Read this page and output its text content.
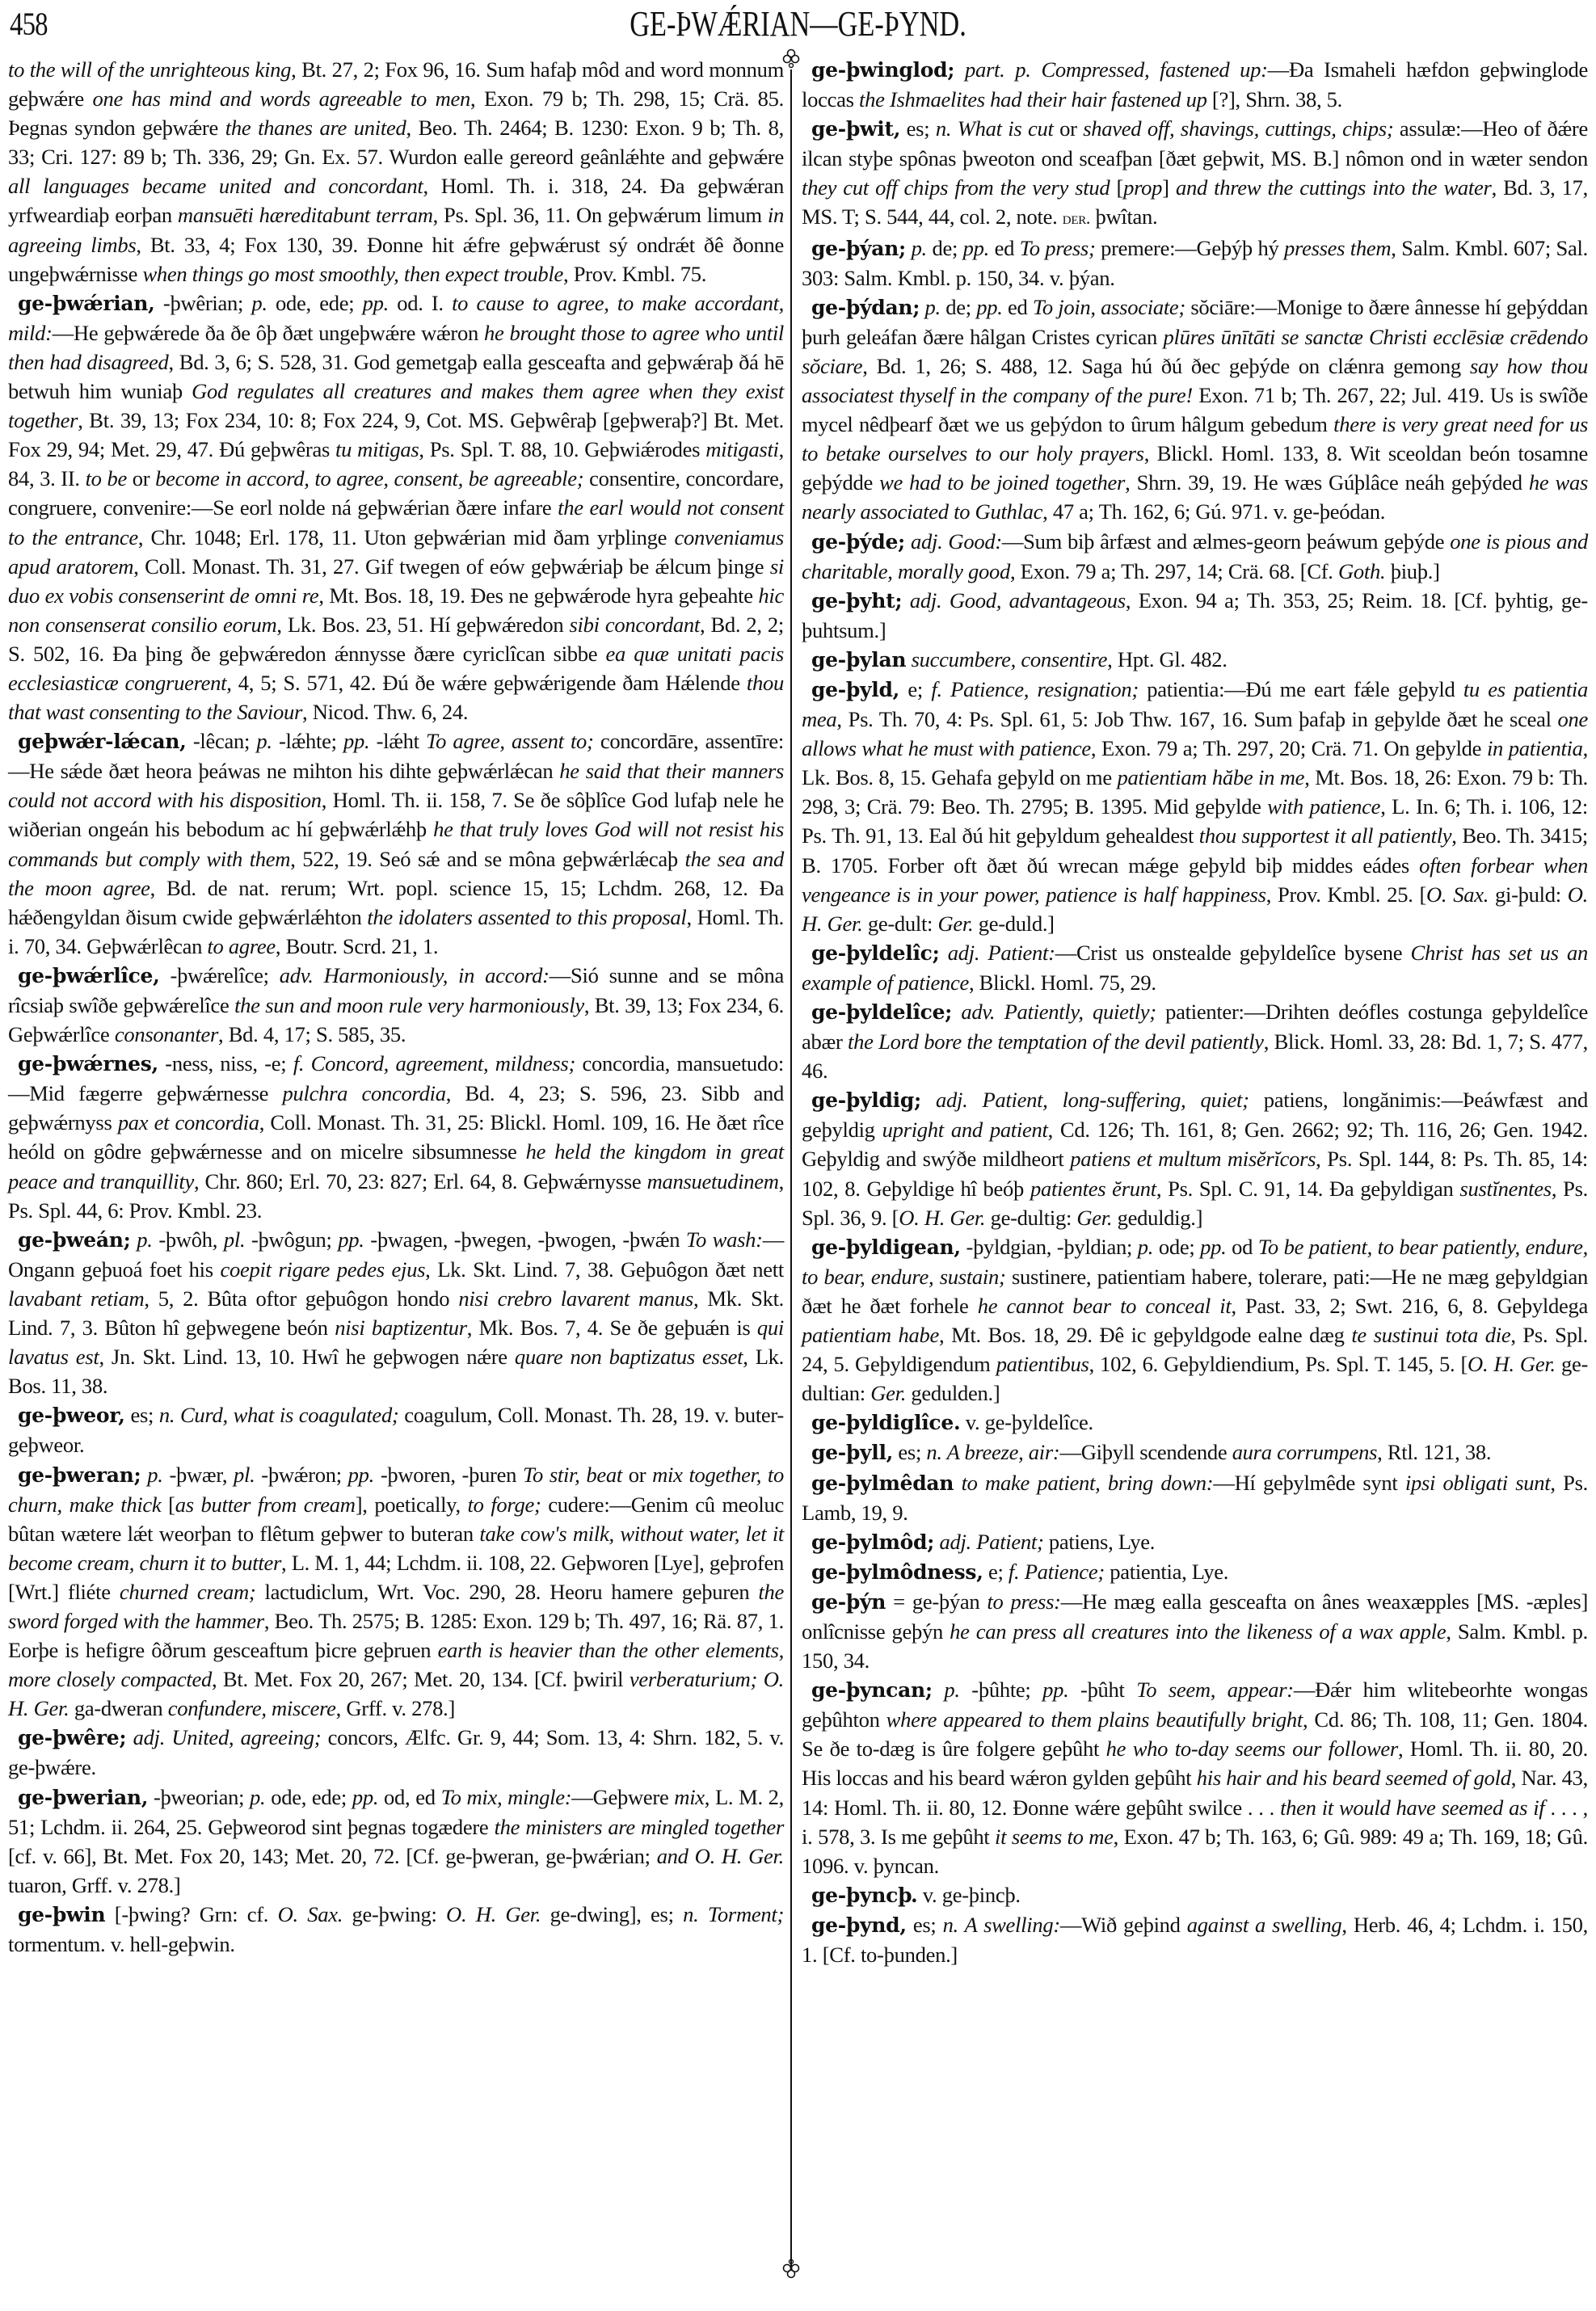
458	GE-ÞWǼRIAN—GE-ÞYND.

to the will of the unrighteous king, Bt. 27, 2; Fox 96, 16. Sum hafaþ môd and word monnum geþwǽre one has mind and words agreeable to men, Exon. 79 b; Th. 298, 15; Crä. 85. Þegnas syndon geþwǽre the thanes are united, Beo. Th. 2464; B. 1230: Exon. 9 b; Th. 8, 33; Cri. 127: 89 b; Th. 336, 29; Gn. Ex. 57. Wurdon ealle gereord geânlǽhte and geþwǽre all languages became united and concordant, Homl. Th. i. 318, 24. Ða geþwǽran yrfweardiaþ eorþan mansuēti hæreditabunt terram, Ps. Spl. 36, 11. On geþwǽrum limum in agreeing limbs, Bt. 33, 4; Fox 130, 39. Ðonne hit ǽfre geþwǽrust sý ondrǽt ðê ðonne ungeþwǽrnisse when things go most smoothly, then expect trouble, Prov. Kmbl. 75.

ge-þwǽrian, -þwêrian; p. ode, ede; pp. od. I. to cause to agree, to make accordant, mild:—He geþwǽrede ða ðe ôþ ðæt ungeþwǽre wǽron he brought those to agree who until then had disagreed, Bd. 3, 6; S. 528, 31. God gemetgaþ ealla gesceafta and geþwǽraþ ðá hē betwuh him wuniaþ God regulates all creatures and makes them agree when they exist together, Bt. 39, 13; Fox 234, 10: 8; Fox 224, 9, Cot. MS. Geþwêraþ [geþweraþ?] Bt. Met. Fox 29, 94; Met. 29, 47. Ðú geþwêras tu mitigas, Ps. Spl. T. 88, 10. Geþwiǽrodes mitigasti, 84, 3. II. to be or become in accord, to agree, consent, be agreeable; consentire, concordare, congruere, convenire:—Se eorl nolde ná geþwǽrian ðære infare the earl would not consent to the entrance, Chr. 1048; Erl. 178, 11. Uton geþwǽrian mid ðam yrþlinge conveniamus apud aratorem, Coll. Monast. Th. 31, 27. Gif twegen of eów geþwǽriaþ be ǽlcum þinge si duo ex vobis consenserint de omni re, Mt. Bos. 18, 19. Ðes ne geþwǽrode hyra geþeahte hic non consenserat consilio eorum, Lk. Bos. 23, 51. Hí geþwǽredon sibi concordant, Bd. 2, 2; S. 502, 16. Ða þing ðe geþwǽredon ǽnnysse ðære cyriclîcan sibbe ea quæ unitati pacis ecclesiasticæ congruerent, 4, 5; S. 571, 42. Ðú ðe wǽre geþwǽrigende ðam Hǽlende thou that wast consenting to the Saviour, Nicod. Thw. 6, 24.

geþwǽr-lǽcan, -lêcan; p. -lǽhte; pp. -lǽht To agree, assent to; concordāre, assentīre:—He sǽde ðæt heora þeáwas ne mihton his dihte geþwǽrlǽcan he said that their manners could not accord with his disposition, Homl. Th. ii. 158, 7. Se ðe sôþlîce God lufaþ nele he wiðerian ongeán his bebodum ac hí geþwǽrlǽhþ he that truly loves God will not resist his commands but comply with them, 522, 19. Seó sǽ and se môna geþwǽrlǽcaþ the sea and the moon agree, Bd. de nat. rerum; Wrt. popl. science 15, 15; Lchdm. 268, 12. Ða hǽðengyldan ðisum cwide geþwǽrlǽhton the idolaters assented to this proposal, Homl. Th. i. 70, 34. Geþwǽrlêcan to agree, Boutr. Scrd. 21, 1.

ge-þwǽrlîce, -þwǽrelîce; adv. Harmoniously, in accord:—Sió sunne and se môna rîcsiaþ swîðe geþwǽrelîce the sun and moon rule very harmoniously, Bt. 39, 13; Fox 234, 6. Geþwǽrlîce consonanter, Bd. 4, 17; S. 585, 35.

ge-þwǽrnes, -ness, niss, -e; f. Concord, agreement, mildness; concordia, mansuetudo:—Mid fægerre geþwǽrnesse pulchra concordia, Bd. 4, 23; S. 596, 23. Sibb and geþwǽrnyss pax et concordia, Coll. Monast. Th. 31, 25: Blickl. Homl. 109, 16. He ðæt rîce heóld on gôdre geþwǽrnesse and on micelre sibsumnesse he held the kingdom in great peace and tranquillity, Chr. 860; Erl. 70, 23: 827; Erl. 64, 8. Geþwǽrnysse mansuetudinem, Ps. Spl. 44, 6: Prov. Kmbl. 23.

ge-þweán; p. -þwôh, pl. -þwôgun; pp. -þwagen, -þwegen, -þwogen, -þwǽn To wash:—Ongann geþuoá foet his coepit rigare pedes ejus, Lk. Skt. Lind. 7, 38. Geþuôgon ðæt nett lavabant retiam, 5, 2. Bûta oftor geþuôgon hondo nisi crebro lavarent manus, Mk. Skt. Lind. 7, 3. Bûton hî geþwegene beón nisi baptizentur, Mk. Bos. 7, 4. Se ðe geþuǽn is qui lavatus est, Jn. Skt. Lind. 13, 10. Hwî he geþwogen nǽre quare non baptizatus esset, Lk. Bos. 11, 38.

ge-þweor, es; n. Curd, what is coagulated; coagulum, Coll. Monast. Th. 28, 19. v. buter-geþweor.

ge-þweran; p. -þwær, pl. -þwǽron; pp. -þworen, -þuren To stir, beat or mix together, to churn, make thick [as butter from cream], poetically, to forge; cudere:—Genim cû meoluc bûtan wætere lǽt weorþan to flêtum geþwer to buteran take cow's milk, without water, let it become cream, churn it to butter, L. M. 1, 44; Lchdm. ii. 108, 22. Geþworen [Lye], geþrofen [Wrt.] fliéte churned cream; lactudiclum, Wrt. Voc. 290, 28. Heoru hamere geþuren the sword forged with the hammer, Beo. Th. 2575; B. 1285: Exon. 129 b; Th. 497, 16; Rä. 87, 1. Eorþe is hefigre ôðrum gesceaftum þicre geþruen earth is heavier than the other elements, more closely compacted, Bt. Met. Fox 20, 267; Met. 20, 134. [Cf. þwiril verberaturium; O. H. Ger. ga-dweran confundere, miscere, Grff. v. 278.]

ge-þwêre; adj. United, agreeing; concors, Ælfc. Gr. 9, 44; Som. 13, 4: Shrn. 182, 5. v. ge-þwǽre.

ge-þwerian, -þweorian; p. ode, ede; pp. od, ed To mix, mingle:—Geþwere mix, L. M. 2, 51; Lchdm. ii. 264, 25. Geþweorod sint þegnas togædere the ministers are mingled together [cf. v. 66], Bt. Met. Fox 20, 143; Met. 20, 72. [Cf. ge-þweran, ge-þwǽrian; and O. H. Ger. tuaron, Grff. v. 278.]

ge-þwin [-þwing? Grn: cf. O. Sax. ge-þwing: O. H. Ger. ge-dwing], es; n. Torment; tormentum. v. hell-geþwin.

ge-þwinglod; part. p. Compressed, fastened up:—Ða Ismaheli hæfdon geþwinglode loccas the Ishmaelites had their hair fastened up [?], Shrn. 38, 5.

ge-þwit, es; n. What is cut or shaved off, shavings, cuttings, chips; assulæ:—Heo of ðǽre ilcan styþe spônas þweoton ond sceafþan [ðæt geþwit, MS. B.] nômon ond in wæter sendon they cut off chips from the very stud [prop] and threw the cuttings into the water, Bd. 3, 17, MS. T; S. 544, 44, col. 2, note. der. þwîtan.

ge-þýan; p. de; pp. ed To press; premere:—Geþýþ hý presses them, Salm. Kmbl. 607; Sal. 303: Salm. Kmbl. p. 150, 34. v. þýan.

ge-þýdan; p. de; pp. ed To join, associate; sŏciāre:—Monige to ðære ânnesse hí geþýddan þurh geleáfan ðære hâlgan Cristes cyrican plūres ūnītāti se sanctæ Christi ecclēsiæ crēdendo sŏciare, Bd. 1, 26; S. 488, 12. Saga hú ðú ðec geþýde on clǽnra gemong say how thou associatest thyself in the company of the pure! Exon. 71 b; Th. 267, 22; Jul. 419. Us is swîðe mycel nêdþearf ðæt we us geþýdon to ûrum hâlgum gebedum there is very great need for us to betake ourselves to our holy prayers, Blickl. Homl. 133, 8. Wit sceoldan beón tosamne geþýdde we had to be joined together, Shrn. 39, 19. He wæs Gúþlâce neáh geþýded he was nearly associated to Guthlac, 47 a; Th. 162, 6; Gú. 971. v. ge-þeódan.

ge-þýde; adj. Good:—Sum biþ ârfæst and ælmes-georn þeáwum geþýde one is pious and charitable, morally good, Exon. 79 a; Th. 297, 14; Crä. 68. [Cf. Goth. þiuþ.]

ge-þyht; adj. Good, advantageous, Exon. 94 a; Th. 353, 25; Reim. 18. [Cf. þyhtig, ge-þuhtsum.]

ge-þylan succumbere, consentire, Hpt. Gl. 482.

ge-þyld, e; f. Patience, resignation; patientia:—Ðú me eart fǽle geþyld tu es patientia mea, Ps. Th. 70, 4: Ps. Spl. 61, 5: Job Thw. 167, 16. Sum þafaþ in geþylde ðæt he sceal one allows what he must with patience, Exon. 79 a; Th. 297, 20; Crä. 71. On geþylde in patientia, Lk. Bos. 8, 15. Gehafa geþyld on me patientiam hăbe in me, Mt. Bos. 18, 26: Exon. 79 b: Th. 298, 3; Crä. 79: Beo. Th. 2795; B. 1395. Mid geþylde with patience, L. In. 6; Th. i. 106, 12: Ps. Th. 91, 13. Eal ðú hit geþyldum gehealdest thou supportest it all patiently, Beo. Th. 3415; B. 1705. Forber oft ðæt ðú wrecan mǽge geþyld biþ middes eádes often forbear when vengeance is in your power, patience is half happiness, Prov. Kmbl. 25. [O. Sax. gi-þuld: O. H. Ger. ge-dult: Ger. ge-duld.]

ge-þyldelîc; adj. Patient:—Crist us onstealde geþyldelîce bysene Christ has set us an example of patience, Blickl. Homl. 75, 29.

ge-þyldelîce; adv. Patiently, quietly; patienter:—Drihten deófles costunga geþyldelîce abær the Lord bore the temptation of the devil patiently, Blick. Homl. 33, 28: Bd. 1, 7; S. 477, 46.

ge-þyldig; adj. Patient, long-suffering, quiet; patiens, longănimis:—Þeáwfæst and geþyldig upright and patient, Cd. 126; Th. 161, 8; Gen. 2662; 92; Th. 116, 26; Gen. 1942. Geþyldig and swýðe mildheort patiens et multum misĕrĭcors, Ps. Spl. 144, 8: Ps. Th. 85, 14: 102, 8. Geþyldige hî beóþ patientes ĕrunt, Ps. Spl. C. 91, 14. Ða geþyldigan sustĭnentes, Ps. Spl. 36, 9. [O. H. Ger. ge-dultig: Ger. geduldig.]

ge-þyldigean, -þyldgian, -þyldian; p. ode; pp. od To be patient, to bear patiently, endure, to bear, endure, sustain; sustinere, patientiam habere, tolerare, pati:—He ne mæg geþyldgian ðæt he ðæt forhele he cannot bear to conceal it, Past. 33, 2; Swt. 216, 6, 8. Geþyldega patientiam habe, Mt. Bos. 18, 29. Ðê ic geþyldgode ealne dæg te sustinui tota die, Ps. Spl. 24, 5. Geþyldigendum patientibus, 102, 6. Geþyldiendium, Ps. Spl. T. 145, 5. [O. H. Ger. ge-dultian: Ger. gedulden.]

ge-þyldiglîce. v. ge-þyldelîce.

ge-þyll, es; n. A breeze, air:—Giþyll scendende aura corrumpens, Rtl. 121, 38.

ge-þylmêdan to make patient, bring down:—Hí geþylmêde synt ipsi obligati sunt, Ps. Lamb, 19, 9.

ge-þylmôd; adj. Patient; patiens, Lye.

ge-þylmôdness, e; f. Patience; patientia, Lye.

ge-þýn = ge-þýan to press:—He mæg ealla gesceafta on ânes weaxæpples [MS. -æples] onlîcnisse geþýn he can press all creatures into the likeness of a wax apple, Salm. Kmbl. p. 150, 34.

ge-þyncan; p. -þûhte; pp. -þûht To seem, appear:—Ðǽr him wlitebeorhte wongas geþûhton where appeared to them plains beautifully bright, Cd. 86; Th. 108, 11; Gen. 1804. Se ðe to-dæg is ûre folgere geþûht he who to-day seems our follower, Homl. Th. ii. 80, 20. His loccas and his beard wǽron gylden geþûht his hair and his beard seemed of gold, Nar. 43, 14: Homl. Th. ii. 80, 12. Ðonne wǽre geþûht swilce . . . then it would have seemed as if . . . , i. 578, 3. Is me geþûht it seems to me, Exon. 47 b; Th. 163, 6; Gû. 989: 49 a; Th. 169, 18; Gû. 1096. v. þyncan.

ge-þyncþ. v. ge-þincþ.

ge-þynd, es; n. A swelling:—Wið geþind against a swelling, Herb. 46, 4; Lchdm. i. 150, 1. [Cf. to-þunden.]
